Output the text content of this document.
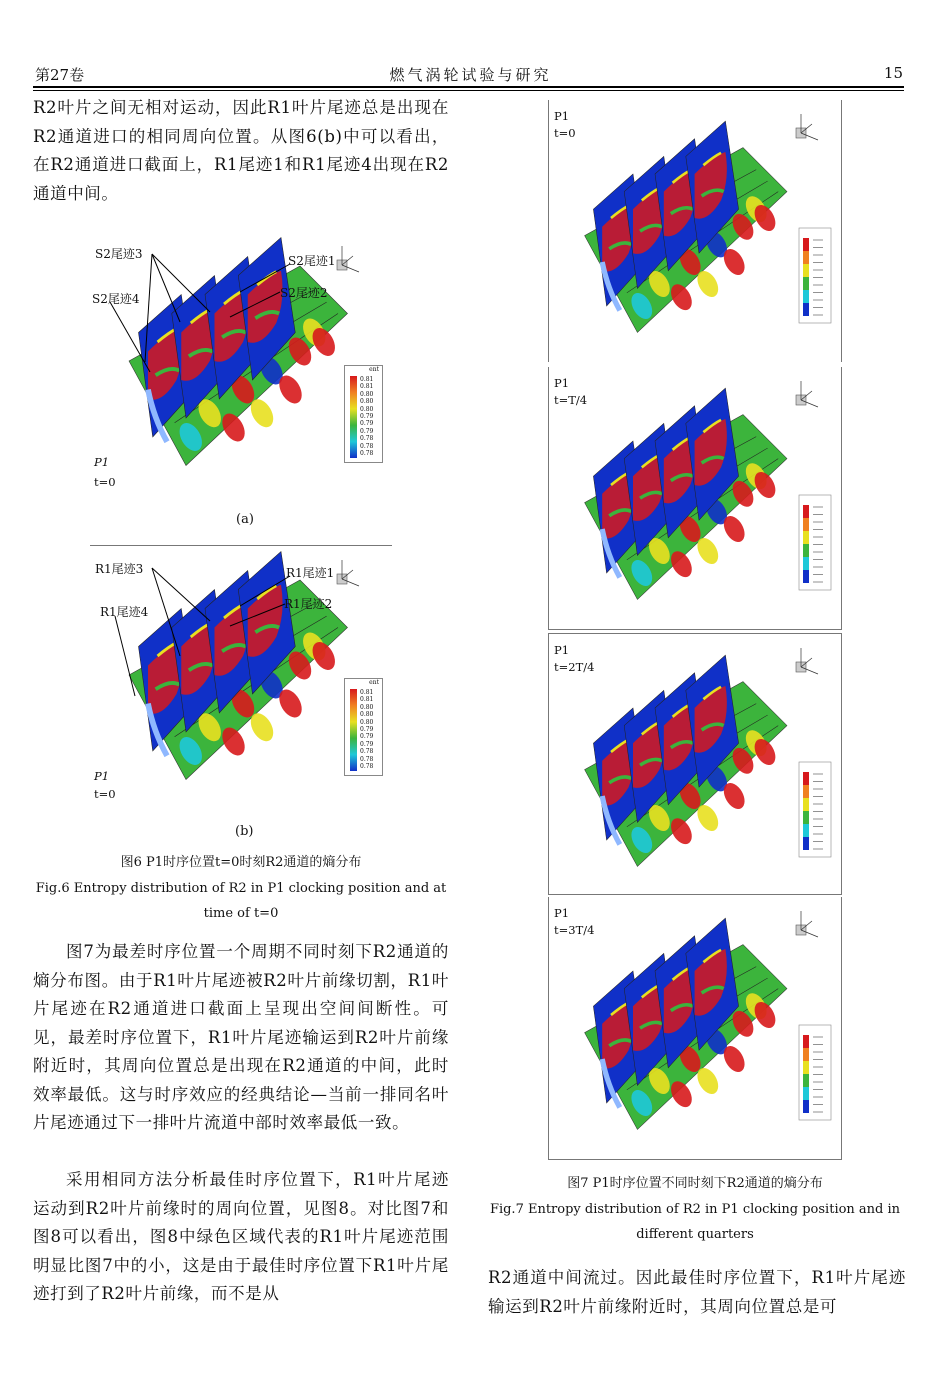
第27卷	燃气涡轮试验与研究	15
R2叶片之间无相对运动，因此R1叶片尾迹总是出现在R2通道进口的相同周向位置。从图6(b)中可以看出，在R2通道进口截面上，R1尾迹1和R1尾迹4出现在R2通道中间。
S2尾迹3	S2尾迹1
S2尾迹2
S2尾迹4
ent
0.81
0.81
0.80
0.80
0.80
0.79
0.79
0.79
0.78
0.78
0.78
P1
t=0
(a)
R1尾迹3	R1尾迹1
R1尾迹2
R1尾迹4
ent
0.81
0.81
0.80
0.80
0.80
0.79
0.79
0.79
0.78
0.78
0.78
P1
t=0
(b)
图6 P1时序位置t=0时刻R2通道的熵分布
Fig.6 Entropy distribution of R2 in P1 clocking position and at
time of t=0
图7为最差时序位置一个周期不同时刻下R2通道的熵分布图。由于R1叶片尾迹被R2叶片前缘切割，R1叶片尾迹在R2通道进口截面上呈现出空间间断性。可见，最差时序位置下，R1叶片尾迹输运到R2叶片前缘附近时，其周向位置总是出现在R2通道的中间，此时效率最低。这与时序效应的经典结论—当前一排同名叶片尾迹通过下一排叶片流道中部时效率最低一致。
采用相同方法分析最佳时序位置下，R1叶片尾迹运动到R2叶片前缘时的周向位置，见图8。对比图7和图8可以看出，图8中绿色区域代表的R1叶片尾迹范围明显比图7中的小，这是由于最佳时序位置下R1叶片尾迹打到了R2叶片前缘，而不是从
P1
t=0
P1
t=T/4
P1
t=2T/4
P1
t=3T/4
图7 P1时序位置不同时刻下R2通道的熵分布
Fig.7 Entropy distribution of R2 in P1 clocking position and in
different quarters
R2通道中间流过。因此最佳时序位置下，R1叶片尾迹输运到R2叶片前缘附近时，其周向位置总是可
